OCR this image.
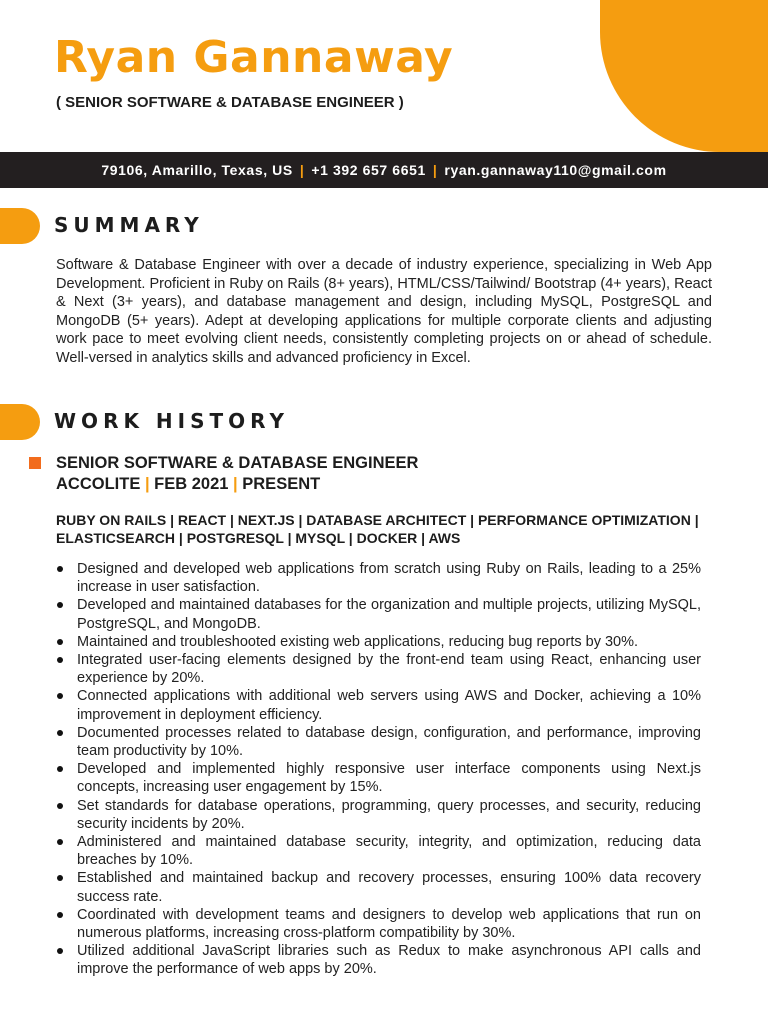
Ryan Gannaway
( SENIOR SOFTWARE & DATABASE ENGINEER )
79106, Amarillo, Texas, US | +1 392 657 6651 | ryan.gannaway110@gmail.com
SUMMARY

Software & Database Engineer with over a decade of industry experience, specializing in Web App Development. Proficient in Ruby on Rails (8+ years), HTML/CSS/Tailwind/ Bootstrap (4+ years), React & Next (3+ years), and database management and design, including MySQL, PostgreSQL and MongoDB (5+ years). Adept at developing applications for multiple corporate clients and adjusting work pace to meet evolving client needs, consistently completing projects on or ahead of schedule. Well-versed in analytics skills and advanced proficiency in Excel.

WORK HISTORY
SENIOR SOFTWARE & DATABASE ENGINEER
ACCOLITE | FEB 2021 | PRESENT
RUBY ON RAILS | REACT | NEXT.JS | DATABASE ARCHITECT | PERFORMANCE OPTIMIZATION | ELASTICSEARCH | POSTGRESQL | MYSQL | DOCKER | AWS
Designed and developed web applications from scratch using Ruby on Rails, leading to a 25% increase in user satisfaction.
Developed and maintained databases for the organization and multiple projects, utilizing MySQL, PostgreSQL, and MongoDB.
Maintained and troubleshooted existing web applications, reducing bug reports by 30%.
Integrated user-facing elements designed by the front-end team using React, enhancing user experience by 20%.
Connected applications with additional web servers using AWS and Docker, achieving a 10% improvement in deployment efficiency.
Documented processes related to database design, configuration, and performance, improving team productivity by 10%.
Developed and implemented highly responsive user interface components using Next.js concepts, increasing user engagement by 15%.
Set standards for database operations, programming, query processes, and security, reducing security incidents by 20%.
Administered and maintained database security, integrity, and optimization, reducing data breaches by 10%.
Established and maintained backup and recovery processes, ensuring 100% data recovery success rate.
Coordinated with development teams and designers to develop web applications that run on numerous platforms, increasing cross-platform compatibility by 30%.
Utilized additional JavaScript libraries such as Redux to make asynchronous API calls and improve the performance of web apps by 20%.
